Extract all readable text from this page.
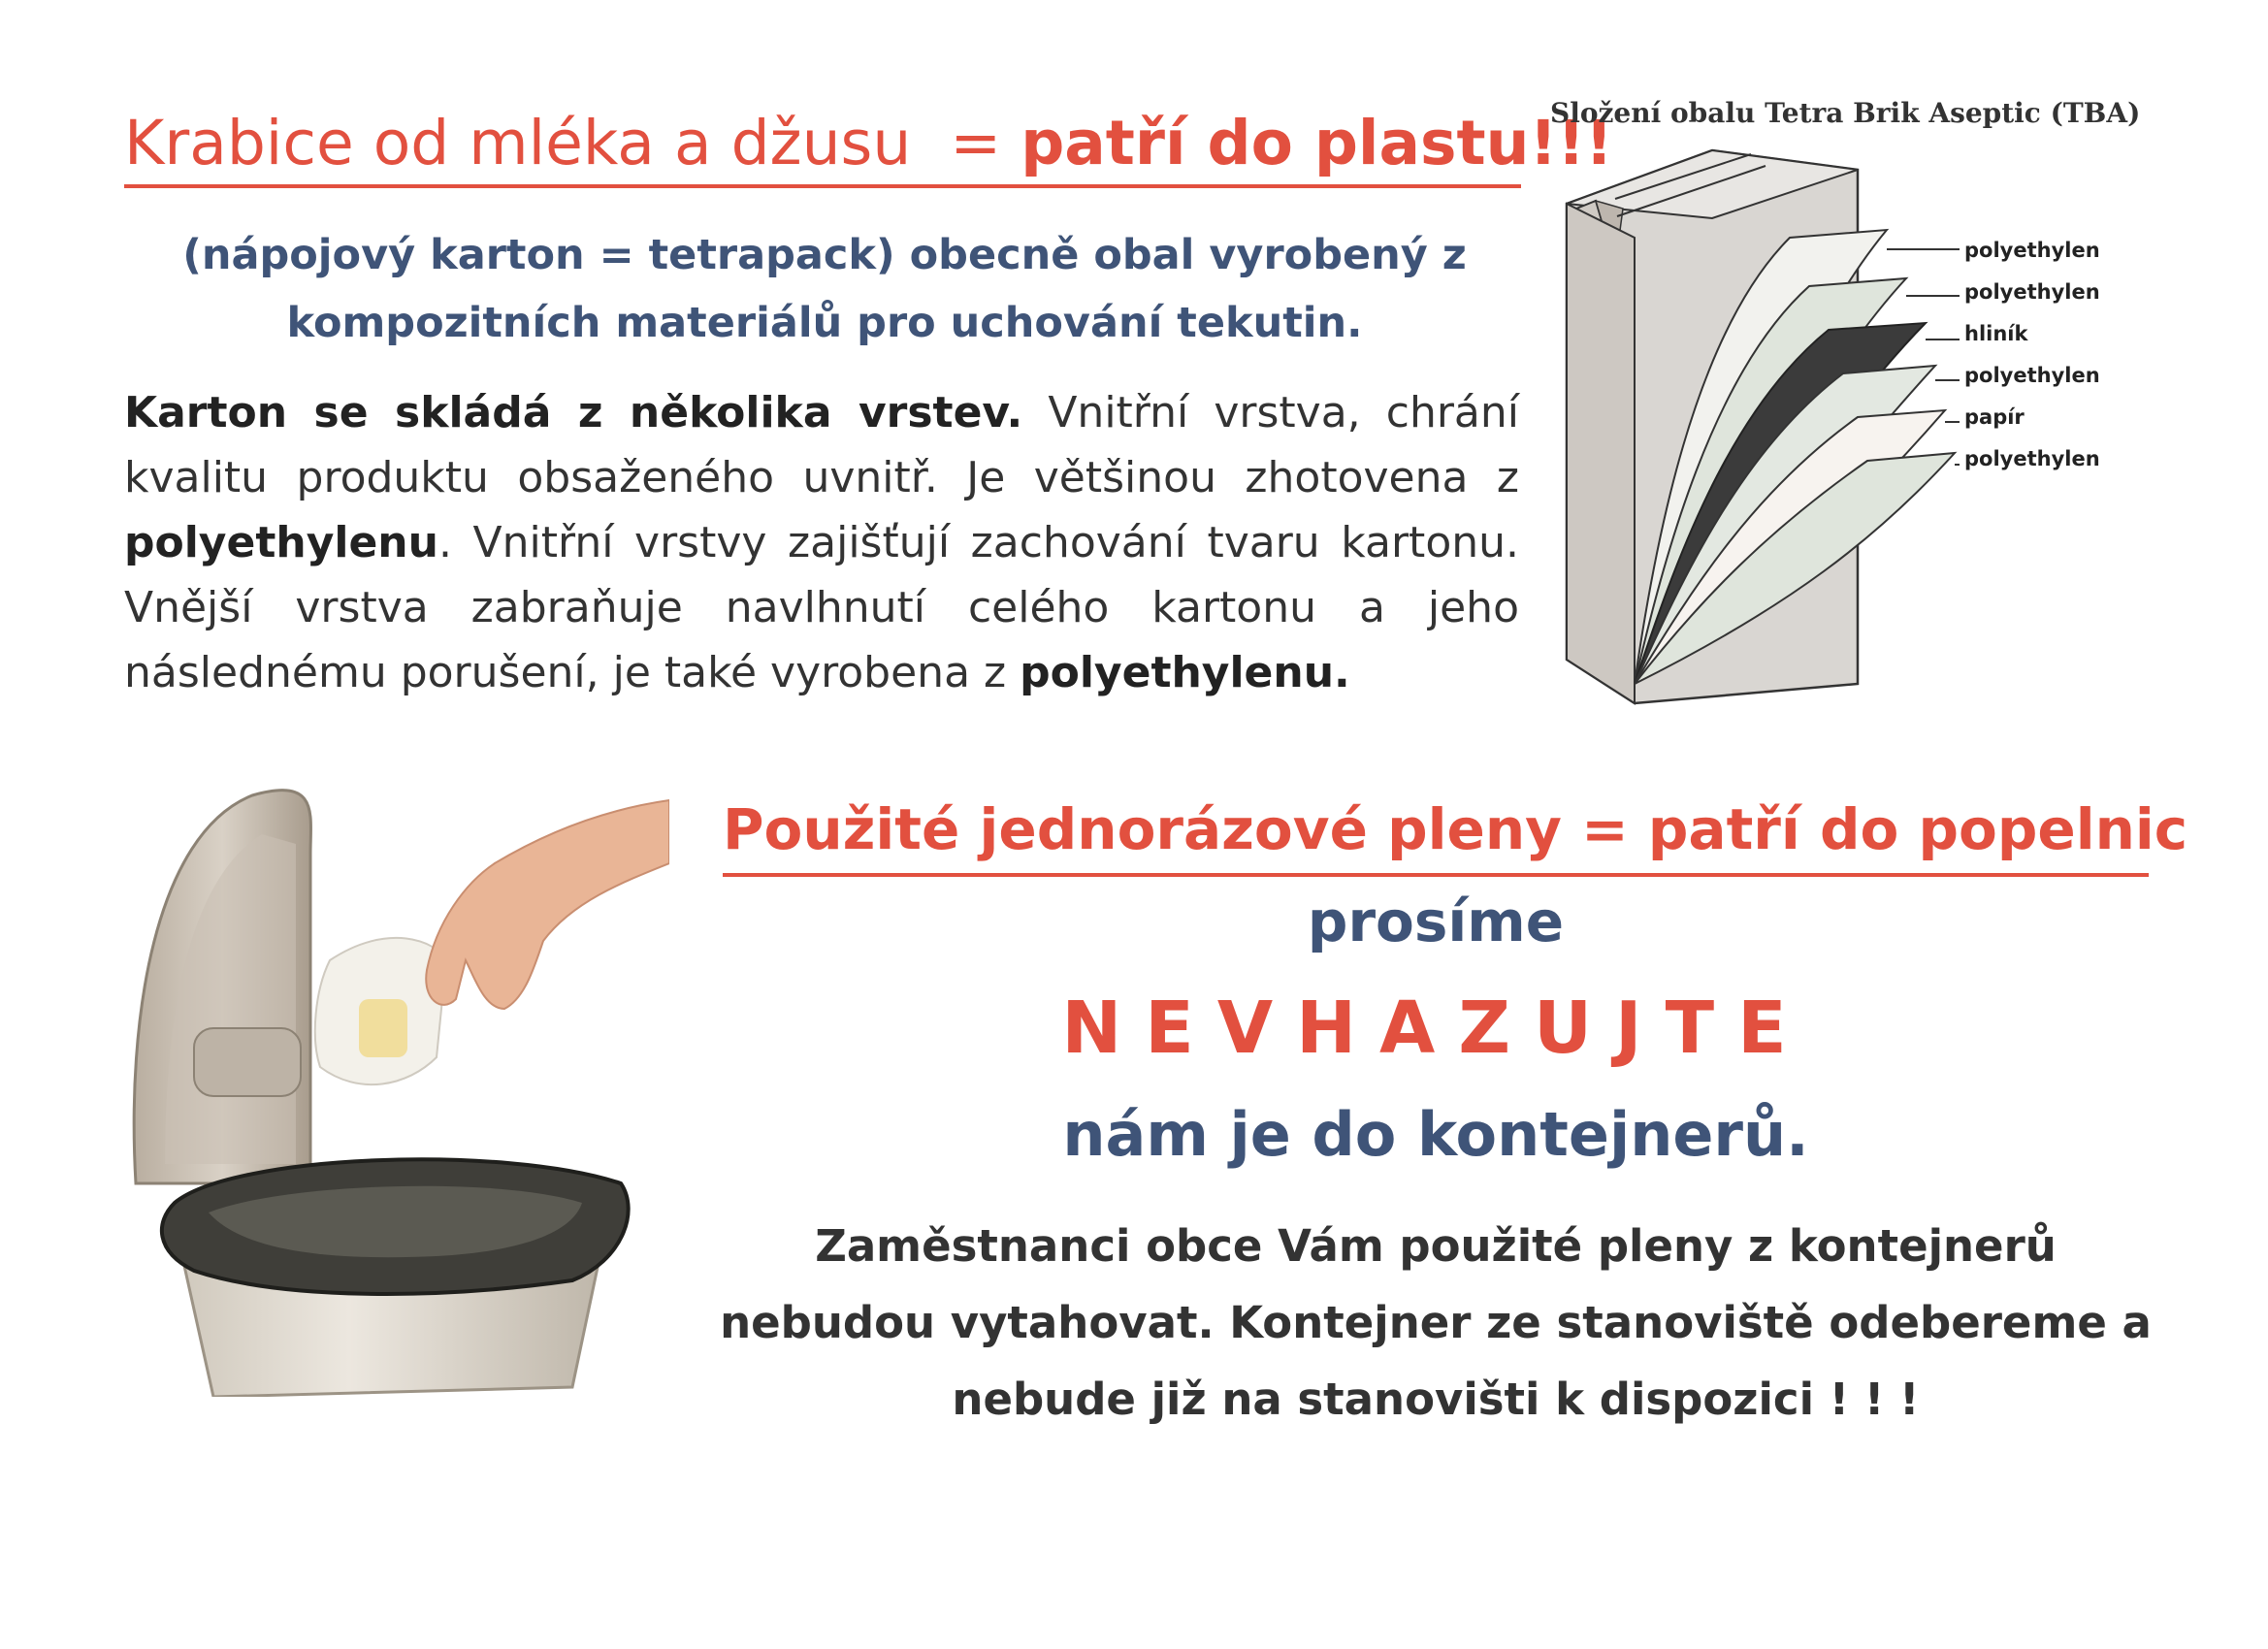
Krabice od mléka a džusu  = patří do plastu!!!
(nápojový karton = tetrapack) obecně obal vyrobený z kompozitních materiálů pro uchování tekutin.
Karton se skládá z několika vrstev. Vnitřní vrstva, chrání kvalitu produktu obsaženého uvnitř. Je většinou zhotovena z polyethylenu. Vnitřní vrstvy zajišťují zachování tvaru kartonu. Vnější vrstva zabraňuje navlhnutí celého kartonu a jeho následnému porušení, je také vyrobena z polyethylenu.
Složení obalu Tetra Brik Aseptic (TBA)
polyethylen
polyethylen
hliník
polyethylen
papír
polyethylen
Použité jednorázové pleny = patří do popelnic
prosíme
NEVHAZUJTE
nám je do kontejnerů.
Zaměstnanci obce Vám použité pleny z kontejnerů nebudou vytahovat. Kontejner ze stanoviště odebereme a nebude již na stanovišti k dispozici ! ! !
